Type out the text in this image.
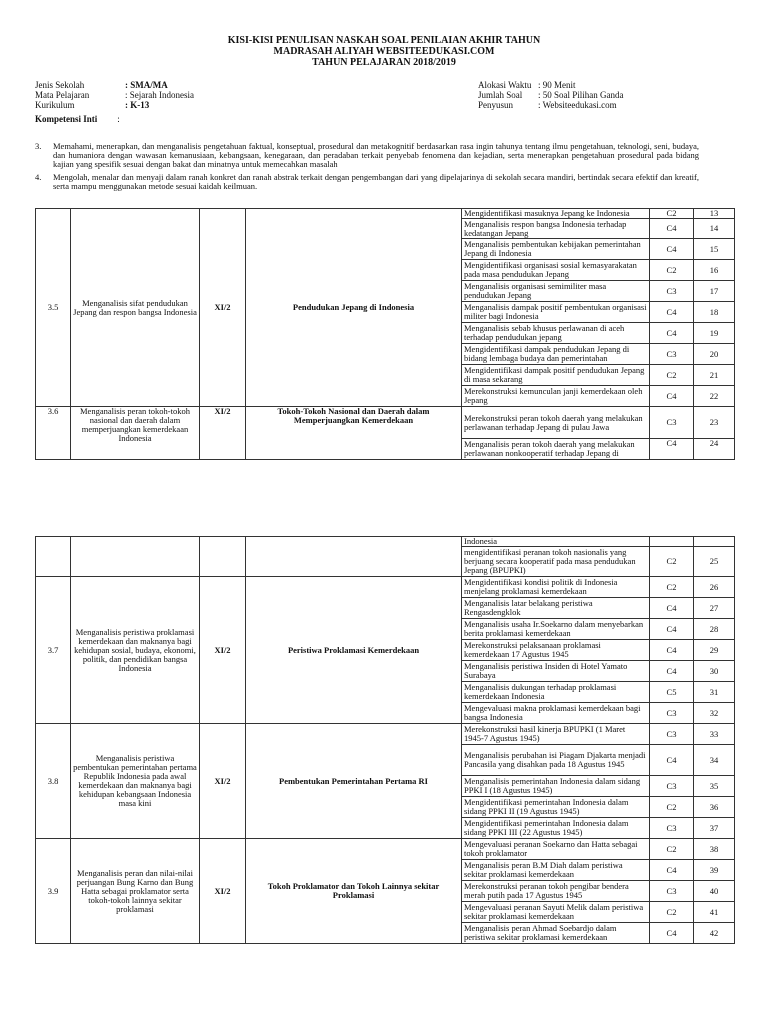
KISI-KISI PENULISAN NASKAH SOAL PENILAIAN AKHIR TAHUN
MADRASAH ALIYAH WEBSITEEDUKASI.COM
TAHUN PELAJARAN 2018/2019
Jenis Sekolah	: SMA/MA
Mata Pelajaran	: Sejarah Indonesia
Kurikulum	: K-13
Alokasi Waktu : 90 Menit
Jumlah Soal	: 50 Soal Pilihan Ganda
Penyusun	: Websiteedukasi.com
Kompetensi Inti :
3.	Memahami, menerapkan, dan menganalisis pengetahuan faktual, konseptual, prosedural dan metakognitif berdasarkan rasa ingin tahunya tentang ilmu pengetahuan, teknologi, seni, budaya, dan humaniora dengan wawasan kemanusiaan, kebangsaan, kenegaraan, dan peradaban terkait penyebab fenomena dan kejadian, serta menerapkan pengetahuan prosedural pada bidang kajian yang spesifik sesuai dengan bakat dan minatnya untuk memecahkan masalah
4.	Mengolah, menalar dan menyaji dalam ranah konkret dan ranah abstrak terkait dengan pengembangan dari yang dipelajarinya di sekolah secara mandiri, bertindak secara efektif dan kreatif, serta mampu menggunakan metode sesuai kaidah keilmuan.
3.5	Menganalisis sifat pendudukan Jepang dan respon bangsa Indonesia	XI/2	Pendudukan Jepang di Indonesia	Mengidentifikasi masuknya Jepang ke Indonesia	C2	13
				Menganalisis respon bangsa Indonesia terhadap kedatangan Jepang	C4	14
				Menganalisis pembentukan kebijakan pemerintahan Jepang di Indonesia	C4	15
				Mengidentifikasi organisasi sosial kemasyarakatan pada masa pendudukan Jepang	C2	16
				Menganalisis organisasi semimiliter masa pendudukan Jepang	C3	17
				Menganalisis dampak positif pembentukan organisasi militer bagi Indonesia	C4	18
				Menganalisis sebab khusus perlawanan di aceh terhadap pendudukan jepang	C4	19
				Mengidentifikasi dampak pendudukan Jepang di bidang lembaga budaya dan pemerintahan	C3	20
				Mengidentifikasi dampak positif pendudukan Jepang di masa sekarang	C2	21
				Merekonstruksi kemunculan janji kemerdekaan oleh Jepang	C4	22
3.6	Menganalisis peran tokoh-tokoh nasional dan daerah dalam memperjuangkan kemerdekaan Indonesia	XI/2	Tokoh-Tokoh Nasional dan Daerah dalam Memperjuangkan Kemerdekaan	Merekonstruksi peran tokoh daerah yang melakukan perlawanan terhadap Jepang di pulau Jawa	C3	23
				Menganalisis peran tokoh daerah yang melakukan perlawanan nonkooperatif terhadap Jepang di	C4	24
				Indonesia		
				mengidentifikasi peranan tokoh nasionalis yang berjuang secara kooperatif pada masa pendudukan Jepang (BPUPKI)	C2	25
3.7	Menganalisis peristiwa proklamasi kemerdekaan dan maknanya bagi kehidupan sosial, budaya, ekonomi, politik, dan pendidikan bangsa Indonesia	XI/2	Peristiwa Proklamasi Kemerdekaan	Mengidentifikasi kondisi politik di Indonesia menjelang proklamasi kemerdekaan	C2	26
				Menganalisis latar belakang peristiwa Rengasdengklok	C4	27
				Menganalisis usaha Ir.Soekarno dalam menyebarkan berita proklamasi kemerdekaan	C4	28
				Merekonstruksi pelaksanaan proklamasi kemerdekaan 17 Agustus 1945	C4	29
				Menganalisis peristiwa Insiden di Hotel Yamato Surabaya	C4	30
				Menganalisis dukungan terhadap proklamasi kemerdekaan Indonesia	C5	31
				Mengevaluasi makna proklamasi kemerdekaan bagi bangsa Indonesia	C3	32
3.8	Menganalisis peristiwa pembentukan pemerintahan pertama Republik Indonesia pada awal kemerdekaan dan maknanya bagi kehidupan kebangsaan Indonesia masa kini	XI/2	Pembentukan Pemerintahan Pertama RI	Merekonstruksi hasil kinerja BPUPKI (1 Maret 1945-7 Agustus 1945)	C3	33
				Menganalisis perubahan isi Piagam Djakarta menjadi Pancasila yang disahkan pada 18 Agustus 1945	C4	34
				Menganalisis pemerintahan Indonesia dalam sidang PPKI I (18 Agustus 1945)	C3	35
				Mengidentifikasi pemerintahan Indonesia dalam sidang PPKI II (19 Agustus 1945)	C2	36
				Mengidentifikasi pemerintahan Indonesia dalam sidang PPKI III (22 Agustus 1945)	C3	37
3.9	Menganalisis peran dan nilai-nilai perjuangan Bung Karno dan Bung Hatta sebagai proklamator serta tokoh-tokoh lainnya sekitar proklamasi	XI/2	Tokoh Proklamator dan Tokoh Lainnya sekitar Proklamasi	Mengevaluasi peranan Soekarno dan Hatta sebagai tokoh proklamator	C2	38
				Menganalisis peran B.M Diah dalam peristiwa sekitar proklamasi kemerdekaan	C4	39
				Merekonstruksi peranan tokoh pengibar bendera merah putih pada 17 Agustus 1945	C3	40
				Mengevaluasi peranan Sayuti Melik dalam peristiwa sekitar proklamasi kemerdekaan	C2	41
				Menganalisis peran Ahmad Soebardjo dalam peristiwa sekitar proklamasi kemerdekaan	C4	42
